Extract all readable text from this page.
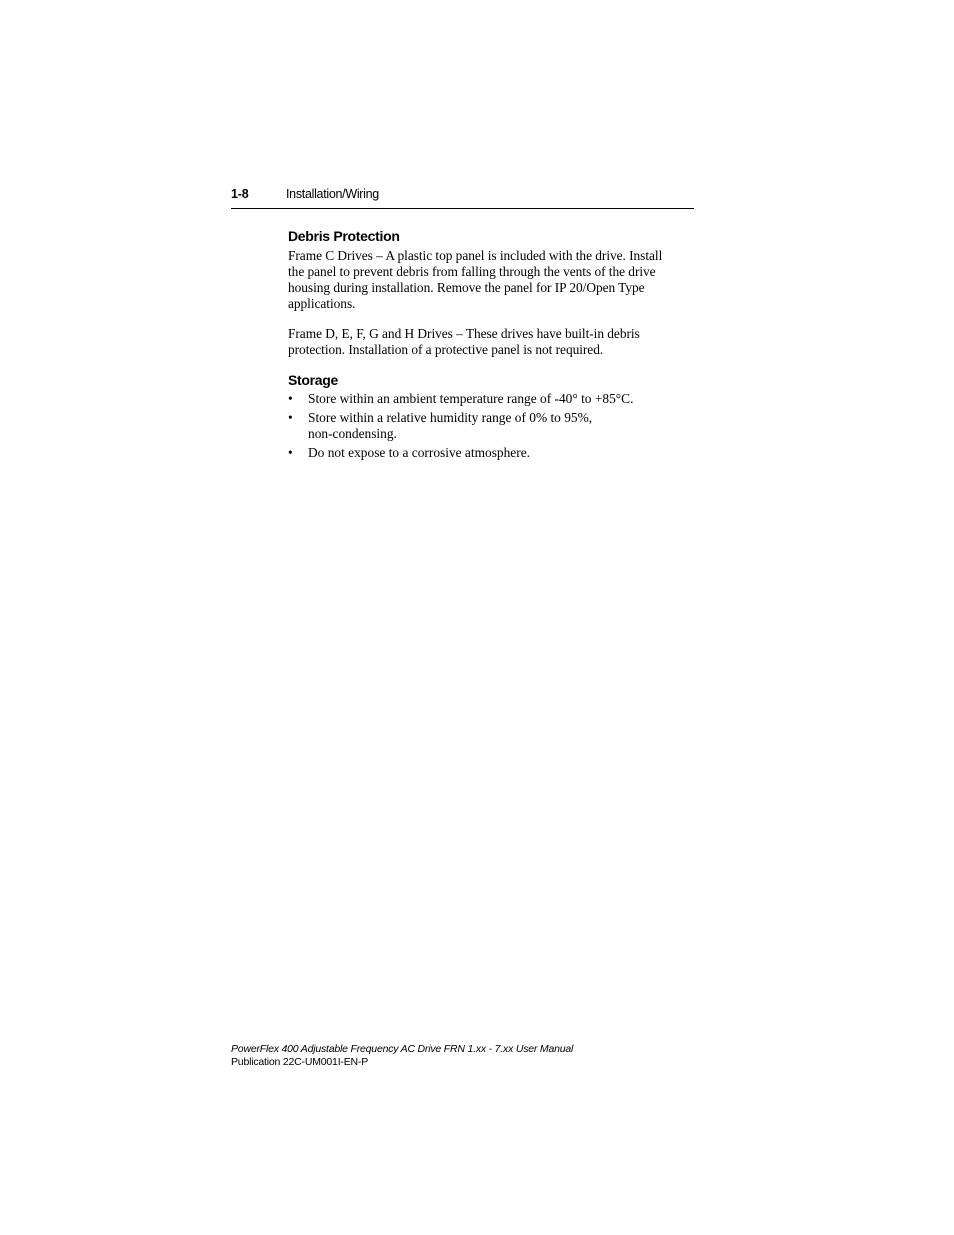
1-8	Installation/Wiring
Debris Protection

Frame C Drives – A plastic top panel is included with the drive. Install
the panel to prevent debris from falling through the vents of the drive
housing during installation. Remove the panel for IP 20/Open Type
applications.

Frame D, E, F, G and H Drives – These drives have built-in debris
protection. Installation of a protective panel is not required.

Storage
• Store within an ambient temperature range of -40° to +85°C.
• Store within a relative humidity range of 0% to 95%,
non-condensing.
• Do not expose to a corrosive atmosphere.
PowerFlex 400 Adjustable Frequency AC Drive FRN 1.xx - 7.xx User Manual
Publication 22C-UM001I-EN-P
